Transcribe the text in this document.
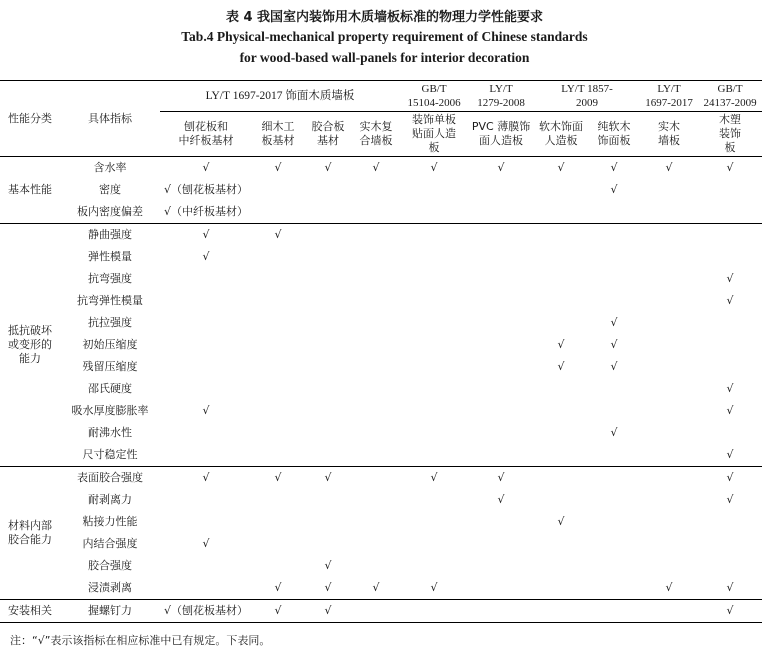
表 4 我国室内装饰用木质墙板标准的物理力学性能要求
Tab.4 Physical-mechanical property requirement of Chinese standards
for wood-based wall-panels for interior decoration
性能分类	具体指标	LY/T 1697-2017 饰面木质墙板				GB/T 15104-2006	LY/T 1279-2008	LY/T 1857-2009		LY/T 1697-2017	GB/T 24137-2009

		刨花板和 中纤板基材	细木工 板基材	胶合板 基材	实木复 合墙板	装饰单板 贴面人造板	PVC 薄膜饰 面人造板	软木饰面 人造板	纯软木 饰面板	实木 墙板	木塑 装饰板

基本性能	含水率	√	√	√	√	√	√	√	√	√	√
	密度	√（刨花板基材）							√		
	板内密度偏差	√（中纤板基材）									
抵抗破坏 或变形的 能力	静曲强度	√	√								
	弹性模量	√									
	抗弯强度										√
	抗弯弹性模量										√
	抗拉强度								√		
	初始压缩度							√	√		
	残留压缩度							√	√		
	邵氏硬度										√
	吸水厚度膨胀率	√									√
	耐沸水性								√		
	尺寸稳定性										√
材料内部 胶合能力	表面胶合强度	√	√	√		√	√				√
	耐剥离力						√				√
	粘接力性能							√			
	内结合强度	√									
	胶合强度			√							
	浸渍剥离		√	√	√	√				√	√
安装相关	握螺钉力	√（刨花板基材）	√	√							√
注：“√”表示该指标在相应标准中已有规定。下表同。
